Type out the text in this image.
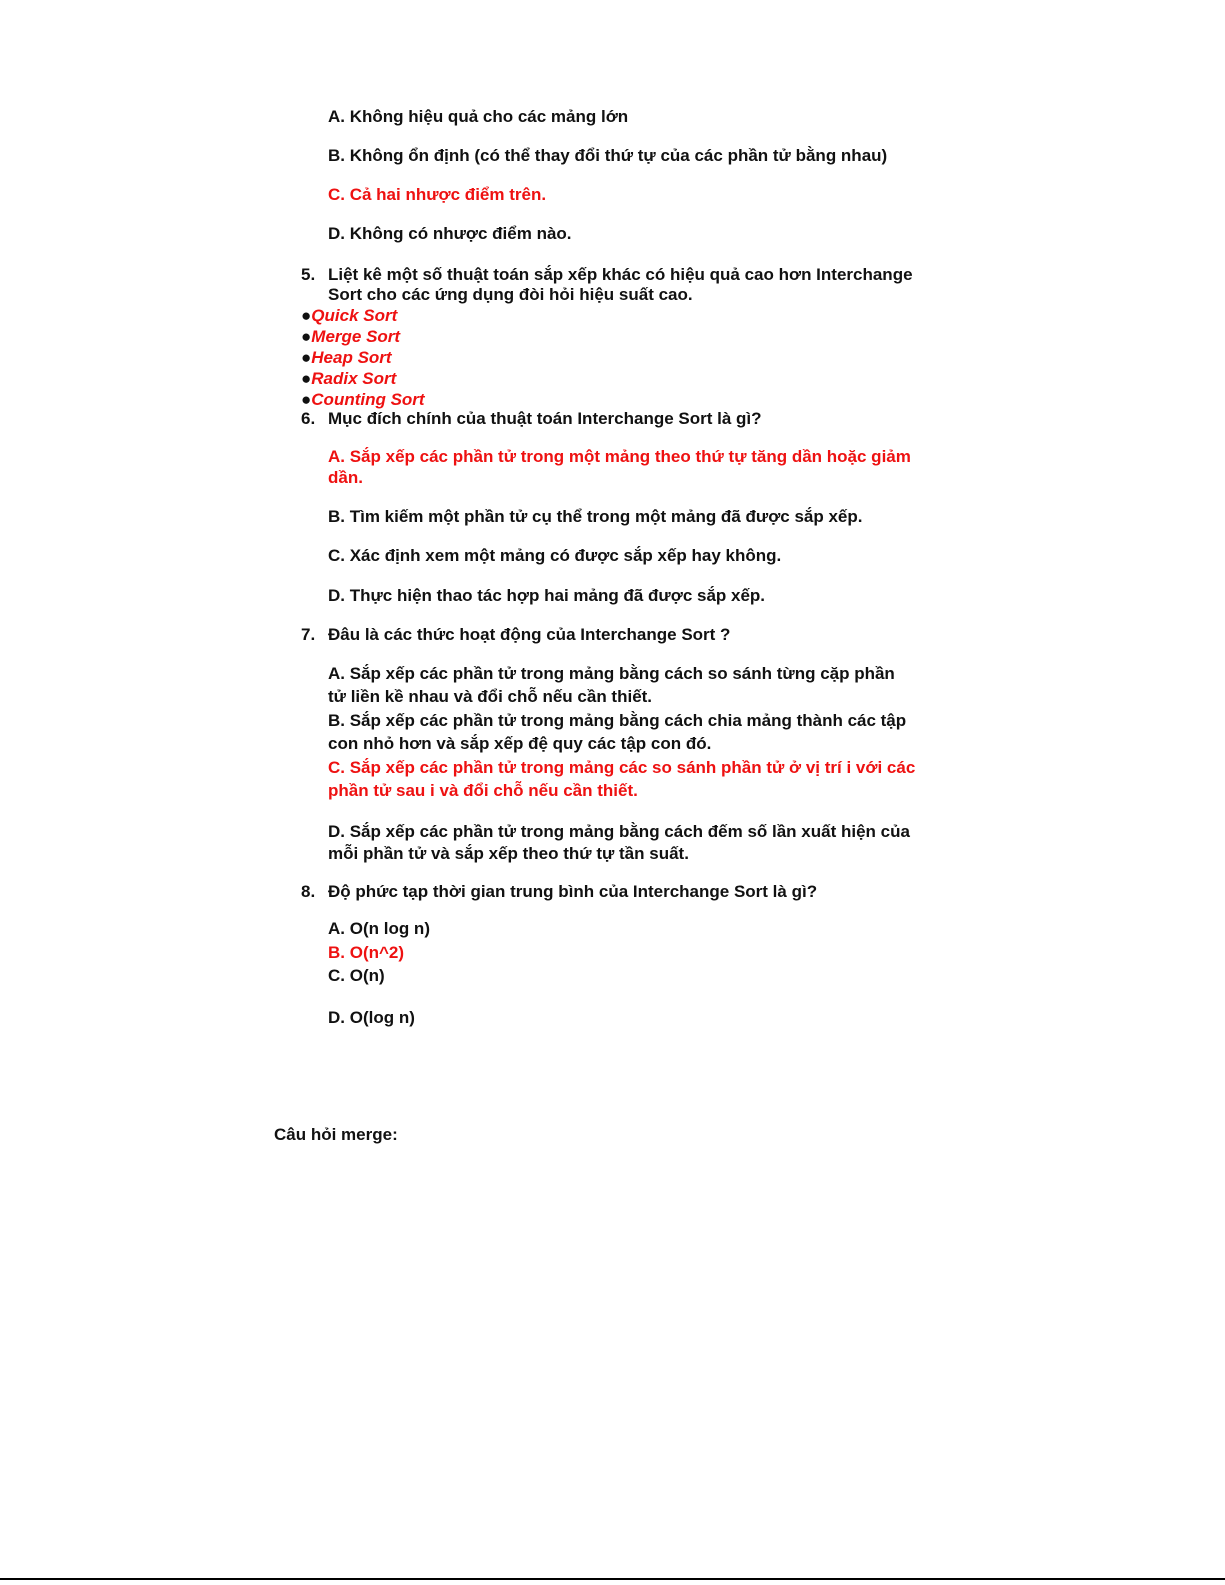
A. Không hiệu quả cho các mảng lớn
B. Không ổn định (có thể thay đổi thứ tự của các phần tử bằng nhau)
C. Cả hai nhược điểm trên.
D. Không có nhược điểm nào.
5. Liệt kê một số thuật toán sắp xếp khác có hiệu quả cao hơn Interchange
Sort cho các ứng dụng đòi hỏi hiệu suất cao.
●Quick Sort
●Merge Sort
●Heap Sort
●Radix Sort
●Counting Sort
6. Mục đích chính của thuật toán Interchange Sort là gì?
A. Sắp xếp các phần tử trong một mảng theo thứ tự tăng dần hoặc giảm
dần.
B. Tìm kiếm một phần tử cụ thể trong một mảng đã được sắp xếp.
C. Xác định xem một mảng có được sắp xếp hay không.
D. Thực hiện thao tác hợp hai mảng đã được sắp xếp.
7. Đâu là các thức hoạt động của Interchange Sort ?
A. Sắp xếp các phần tử trong mảng bằng cách so sánh từng cặp phần
tử liền kề nhau và đổi chỗ nếu cần thiết.
B. Sắp xếp các phần tử trong mảng bằng cách chia mảng thành các tập
con nhỏ hơn và sắp xếp đệ quy các tập con đó.
C. Sắp xếp các phần tử trong mảng các so sánh phần tử ở vị trí i với các
phần tử sau i và đổi chỗ nếu cần thiết.
D. Sắp xếp các phần tử trong mảng bằng cách đếm số lần xuất hiện của
mỗi phần tử và sắp xếp theo thứ tự tần suất.
8. Độ phức tạp thời gian trung bình của Interchange Sort là gì?
A. O(n log n)
B. O(n^2)
C. O(n)
D. O(log n)
Câu hỏi merge:
